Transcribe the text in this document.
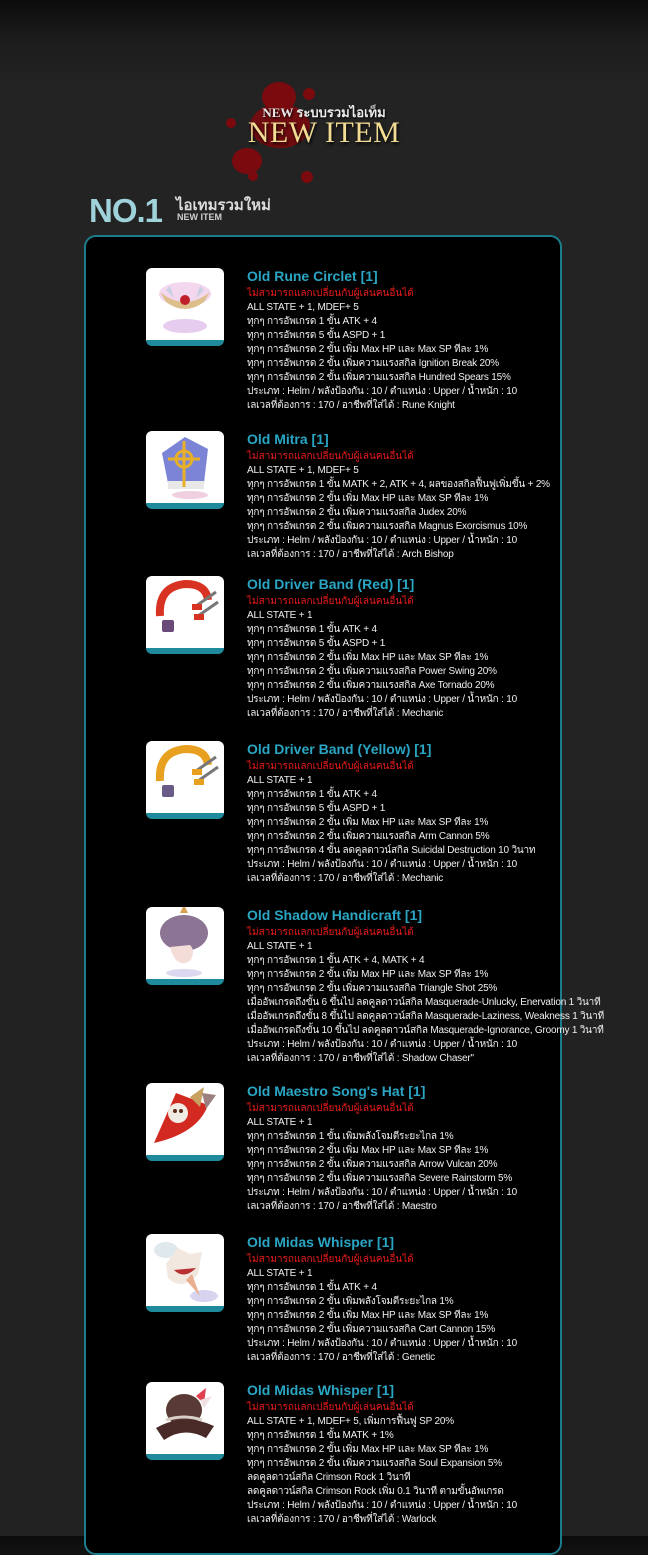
NEW ระบบรวมไอเท็ม
NEW ITEM
NO.1 ไอเทมรวมใหม่
NEW ITEM
Old Rune Circlet [1]
ไม่สามารถแลกเปลี่ยนกับผู้เล่นคนอื่นได้
ALL STATE + 1, MDEF+ 5
ทุกๆ การอัพเกรด 1 ขั้น ATK + 4
ทุกๆ การอัพเกรด 5 ขั้น ASPD + 1
ทุกๆ การอัพเกรด 2 ขั้น เพิ่ม Max HP และ Max SP ทีละ 1%
ทุกๆ การอัพเกรด 2 ขั้น เพิ่มความแรงสกิล Ignition Break 20%
ทุกๆ การอัพเกรด 2 ขั้น เพิ่มความแรงสกิล Hundred Spears 15%
ประเภท : Helm / พลังป้องกัน : 10 / ตำแหน่ง : Upper / น้ำหนัก : 10
เลเวลที่ต้องการ : 170 / อาชีพที่ใส่ได้ : Rune Knight
Old Mitra [1]
ไม่สามารถแลกเปลี่ยนกับผู้เล่นคนอื่นได้
ALL STATE + 1, MDEF+ 5
ทุกๆ การอัพเกรด 1 ขั้น MATK + 2, ATK + 4, ผลของสกิลฟื้นฟูเพิ่มขึ้น + 2%
ทุกๆ การอัพเกรด 2 ขั้น เพิ่ม Max HP และ Max SP ทีละ 1%
ทุกๆ การอัพเกรด 2 ขั้น เพิ่มความแรงสกิล Judex 20%
ทุกๆ การอัพเกรด 2 ขั้น เพิ่มความแรงสกิล Magnus Exorcismus 10%
ประเภท : Helm / พลังป้องกัน : 10 / ตำแหน่ง : Upper / น้ำหนัก : 10
เลเวลที่ต้องการ : 170 / อาชีพที่ใส่ได้ : Arch Bishop
Old Driver Band (Red) [1]
ไม่สามารถแลกเปลี่ยนกับผู้เล่นคนอื่นได้
ALL STATE + 1
ทุกๆ การอัพเกรด 1 ขั้น ATK + 4
ทุกๆ การอัพเกรด 5 ขั้น ASPD + 1
ทุกๆ การอัพเกรด 2 ขั้น เพิ่ม Max HP และ Max SP ทีละ 1%
ทุกๆ การอัพเกรด 2 ขั้น เพิ่มความแรงสกิล Power Swing 20%
ทุกๆ การอัพเกรด 2 ขั้น เพิ่มความแรงสกิล Axe Tornado 20%
ประเภท : Helm / พลังป้องกัน : 10 / ตำแหน่ง : Upper / น้ำหนัก : 10
เลเวลที่ต้องการ : 170 / อาชีพที่ใส่ได้ : Mechanic
Old Driver Band (Yellow) [1]
ไม่สามารถแลกเปลี่ยนกับผู้เล่นคนอื่นได้
ALL STATE + 1
ทุกๆ การอัพเกรด 1 ขั้น ATK + 4
ทุกๆ การอัพเกรด 5 ขั้น ASPD + 1
ทุกๆ การอัพเกรด 2 ขั้น เพิ่ม Max HP และ Max SP ทีละ 1%
ทุกๆ การอัพเกรด 2 ขั้น เพิ่มความแรงสกิล Arm Cannon 5%
ทุกๆ การอัพเกรด 4 ขั้น ลดคูลดาวน์สกิล Suicidal Destruction 10 วินาท
ประเภท : Helm / พลังป้องกัน : 10 / ตำแหน่ง : Upper / น้ำหนัก : 10
เลเวลที่ต้องการ : 170 / อาชีพที่ใส่ได้ : Mechanic
Old Shadow Handicraft [1]
ไม่สามารถแลกเปลี่ยนกับผู้เล่นคนอื่นได้
ALL STATE + 1
ทุกๆ การอัพเกรด 1 ขั้น ATK + 4, MATK + 4
ทุกๆ การอัพเกรด 2 ขั้น เพิ่ม Max HP และ Max SP ทีละ 1%
ทุกๆ การอัพเกรด 2 ขั้น เพิ่มความแรงสกิล Triangle Shot 25%
เมื่ออัพเกรดถึงขั้น 6 ขึ้นไป ลดคูลดาวน์สกิล Masquerade-Unlucky, Enervation 1 วินาที
เมื่ออัพเกรดถึงขั้น 8 ขึ้นไป ลดคูลดาวน์สกิล Masquerade-Laziness, Weakness 1 วินาที
เมื่ออัพเกรดถึงขั้น 10 ขึ้นไป ลดคูลดาวน์สกิล Masquerade-Ignorance, Groomy 1 วินาที
ประเภท : Helm / พลังป้องกัน : 10 / ตำแหน่ง : Upper / น้ำหนัก : 10
เลเวลที่ต้องการ : 170 / อาชีพที่ใส่ได้ : Shadow Chaser"
Old Maestro Song's Hat [1]
ไม่สามารถแลกเปลี่ยนกับผู้เล่นคนอื่นได้
ALL STATE + 1
ทุกๆ การอัพเกรด 1 ขั้น เพิ่มพลังโจมตีระยะไกล 1%
ทุกๆ การอัพเกรด 2 ขั้น เพิ่ม Max HP และ Max SP ทีละ 1%
ทุกๆ การอัพเกรด 2 ขั้น เพิ่มความแรงสกิล Arrow Vulcan 20%
ทุกๆ การอัพเกรด 2 ขั้น เพิ่มความแรงสกิล Severe Rainstorm 5%
ประเภท : Helm / พลังป้องกัน : 10 / ตำแหน่ง : Upper / น้ำหนัก : 10
เลเวลที่ต้องการ : 170 / อาชีพที่ใส่ได้ : Maestro
Old Midas Whisper [1]
ไม่สามารถแลกเปลี่ยนกับผู้เล่นคนอื่นได้
ALL STATE + 1
ทุกๆ การอัพเกรด 1 ขั้น ATK + 4
ทุกๆ การอัพเกรด 2 ขั้น เพิ่มพลังโจมตีระยะไกล 1%
ทุกๆ การอัพเกรด 2 ขั้น เพิ่ม Max HP และ Max SP ทีละ 1%
ทุกๆ การอัพเกรด 2 ขั้น เพิ่มความแรงสกิล Cart Cannon 15%
ประเภท : Helm / พลังป้องกัน : 10 / ตำแหน่ง : Upper / น้ำหนัก : 10
เลเวลที่ต้องการ : 170 / อาชีพที่ใส่ได้ : Genetic
Old Midas Whisper [1]
ไม่สามารถแลกเปลี่ยนกับผู้เล่นคนอื่นได้
ALL STATE + 1, MDEF+ 5, เพิ่มการฟื้นฟู SP 20%
ทุกๆ การอัพเกรด 1 ขั้น MATK + 1%
ทุกๆ การอัพเกรด 2 ขั้น เพิ่ม Max HP และ Max SP ทีละ 1%
ทุกๆ การอัพเกรด 2 ขั้น เพิ่มความแรงสกิล Soul Expansion 5%
ลดคูลดาวน์สกิล Crimson Rock 1 วินาที
ลดคูลดาวน์สกิล Crimson Rock เพิ่ม 0.1 วินาที ตามขั้นอัพเกรด
ประเภท : Helm / พลังป้องกัน : 10 / ตำแหน่ง : Upper / น้ำหนัก : 10
เลเวลที่ต้องการ : 170 / อาชีพที่ใส่ได้ : Warlock
